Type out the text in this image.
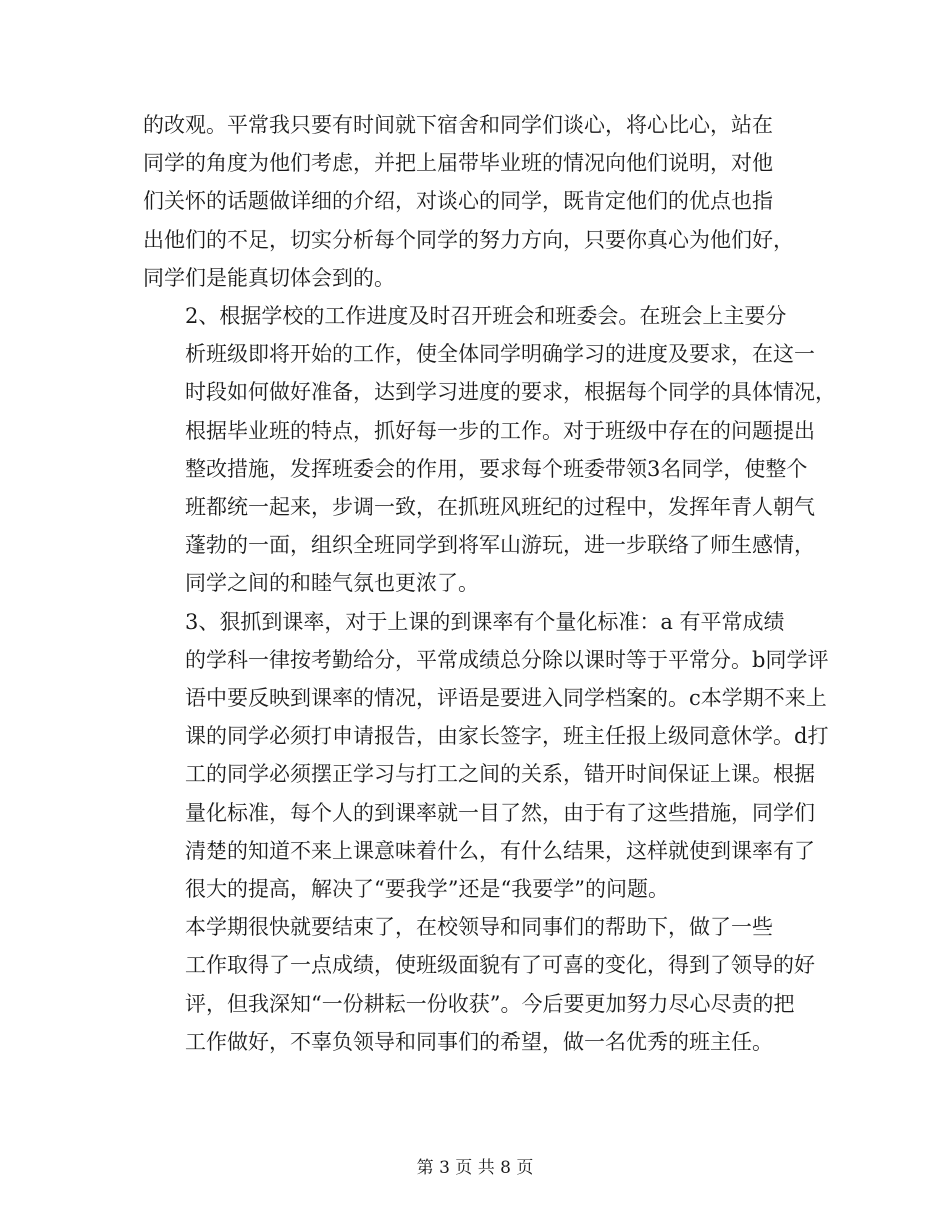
的改观。平常我只要有时间就下宿舍和同学们谈心，将心比心，站在
同学的角度为他们考虑，并把上届带毕业班的情况向他们说明，对他
们关怀的话题做详细的介绍，对谈心的同学，既肯定他们的优点也指
出他们的不足，切实分析每个同学的努力方向，只要你真心为他们好，
同学们是能真切体会到的。

2、根据学校的工作进度及时召开班会和班委会。在班会上主要分
析班级即将开始的工作，使全体同学明确学习的进度及要求，在这一
时段如何做好准备，达到学习进度的要求，根据每个同学的具体情况，
根据毕业班的特点，抓好每一步的工作。对于班级中存在的问题提出
整改措施，发挥班委会的作用，要求每个班委带领3名同学，使整个
班都统一起来，步调一致，在抓班风班纪的过程中，发挥年青人朝气
蓬勃的一面，组织全班同学到将军山游玩，进一步联络了师生感情，
同学之间的和睦气氛也更浓了。

3、狠抓到课率，对于上课的到课率有个量化标准：a 有平常成绩
的学科一律按考勤给分，平常成绩总分除以课时等于平常分。b同学评
语中要反映到课率的情况，评语是要进入同学档案的。c本学期不来上
课的同学必须打申请报告，由家长签字，班主任报上级同意休学。d打
工的同学必须摆正学习与打工之间的关系，错开时间保证上课。根据
量化标准，每个人的到课率就一目了然，由于有了这些措施，同学们
清楚的知道不来上课意味着什么，有什么结果，这样就使到课率有了
很大的提高，解决了“要我学”还是“我要学”的问题。

本学期很快就要结束了，在校领导和同事们的帮助下，做了一些
工作取得了一点成绩，使班级面貌有了可喜的变化，得到了领导的好
评，但我深知“一份耕耘一份收获”。今后要更加努力尽心尽责的把
工作做好，不辜负领导和同事们的希望，做一名优秀的班主任。

第 3 页 共 8 页
